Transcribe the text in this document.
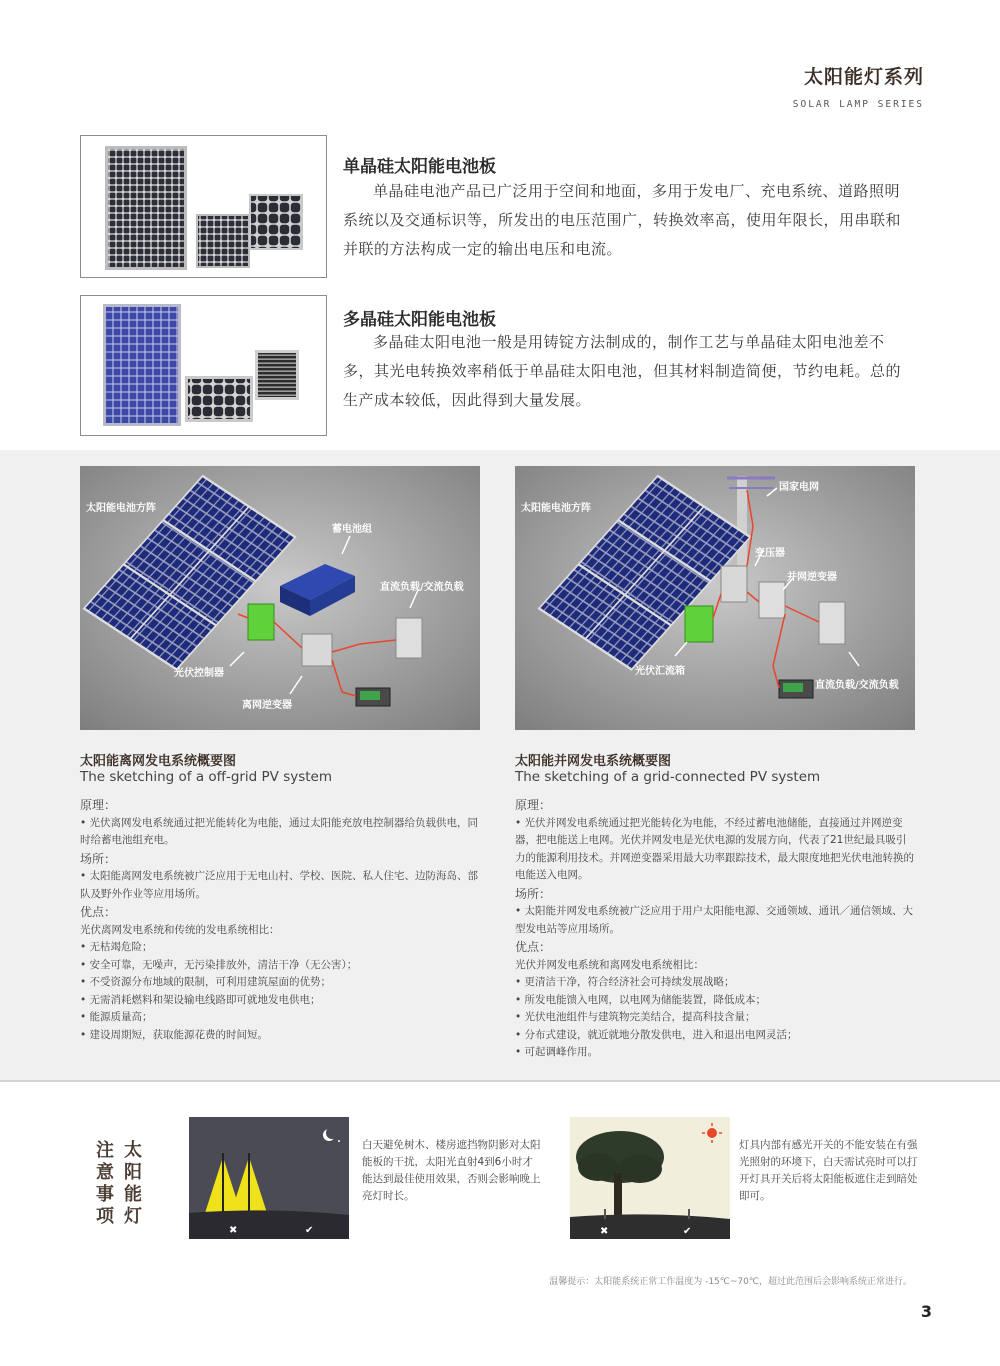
太阳能灯系列
SOLAR LAMP SERIES
单晶硅太阳能电池板
单晶硅电池产品已广泛用于空间和地面，多用于发电厂、充电系统、道路照明系统以及交通标识等，所发出的电压范围广，转换效率高，使用年限长，用串联和并联的方法构成一定的输出电压和电流。
多晶硅太阳能电池板
多晶硅太阳电池一般是用铸锭方法制成的，制作工艺与单晶硅太阳电池差不多，其光电转换效率稍低于单晶硅太阳电池，但其材料制造简便，节约电耗。总的生产成本较低，因此得到大量发展。
太阳能电池方阵
蓄电池组
直流负载/交流负载
光伏控制器
离网逆变器
国家电网
太阳能电池方阵
变压器
并网逆变器
光伏汇流箱
直流负载/交流负载
太阳能离网发电系统概要图
The sketching of a off-grid PV system
原理：
• 光伏离网发电系统通过把光能转化为电能，通过太阳能充放电控制器给负载供电，同时给蓄电池组充电。
场所：
• 太阳能离网发电系统被广泛应用于无电山村、学校、医院、私人住宅、边防海岛、部队及野外作业等应用场所。
优点：
光伏离网发电系统和传统的发电系统相比：
• 无枯竭危险；
• 安全可靠，无噪声，无污染排放外，清洁干净（无公害）；
• 不受资源分布地域的限制，可利用建筑屋面的优势；
• 无需消耗燃料和架设输电线路即可就地发电供电；
• 能源质量高；
• 建设周期短，获取能源花费的时间短。
太阳能并网发电系统概要图
The sketching of a grid-connected PV system
原理：
• 光伏并网发电系统通过把光能转化为电能，不经过蓄电池储能，直接通过并网逆变器，把电能送上电网。光伏并网发电是光伏电源的发展方向，代表了21世纪最具吸引力的能源利用技术。并网逆变器采用最大功率跟踪技术，最大限度地把光伏电池转换的电能送入电网。
场所：
• 太阳能并网发电系统被广泛应用于用户太阳能电源、交通领域、通讯／通信领域、大型发电站等应用场所。
优点：
光伏并网发电系统和离网发电系统相比：
• 更清洁干净，符合经济社会可持续发展战略；
• 所发电能馈入电网，以电网为储能装置，降低成本；
• 光伏电池组件与建筑物完美结合，提高科技含量；
• 分布式建设，就近就地分散发供电，进入和退出电网灵活；
• 可起调峰作用。
注
意
事
项
太
阳
能
灯
✖	✔
白天避免树木、楼房遮挡物阴影对太阳能板的干扰，太阳光直射4到6小时才能达到最佳使用效果，否则会影响晚上亮灯时长。
✖	✔
灯具内部有感光开关的不能安装在有强光照射的环境下，白天需试亮时可以打开灯具开关后将太阳能板遮住走到暗处即可。
温馨提示：太阳能系统正常工作温度为 -15℃~70℃，超过此范围后会影响系统正常进行。
3
